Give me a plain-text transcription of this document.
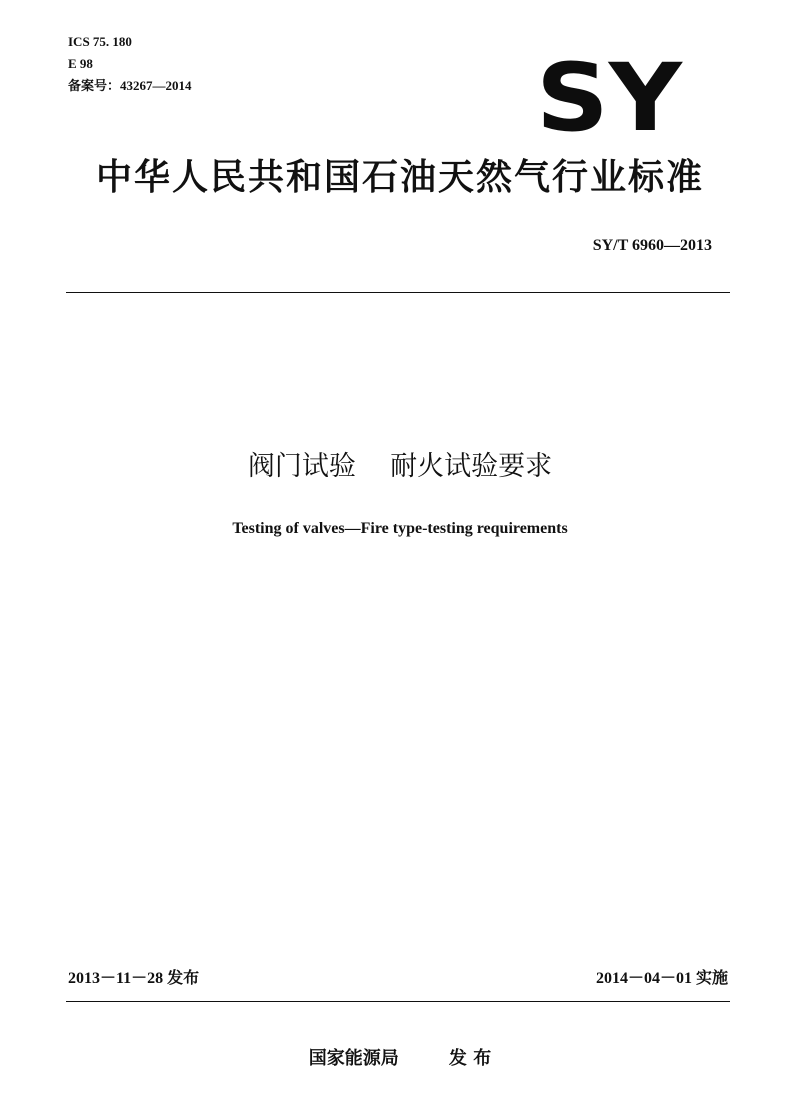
ICS 75. 180
E 98
备案号：43267—2014	SY
中华人民共和国石油天然气行业标准
SY/T 6960—2013
阀门试验    耐火试验要求
Testing of valves—Fire type-testing requirements
2013－11－28 发布	2014－04－01 实施
国家能源局        发 布
